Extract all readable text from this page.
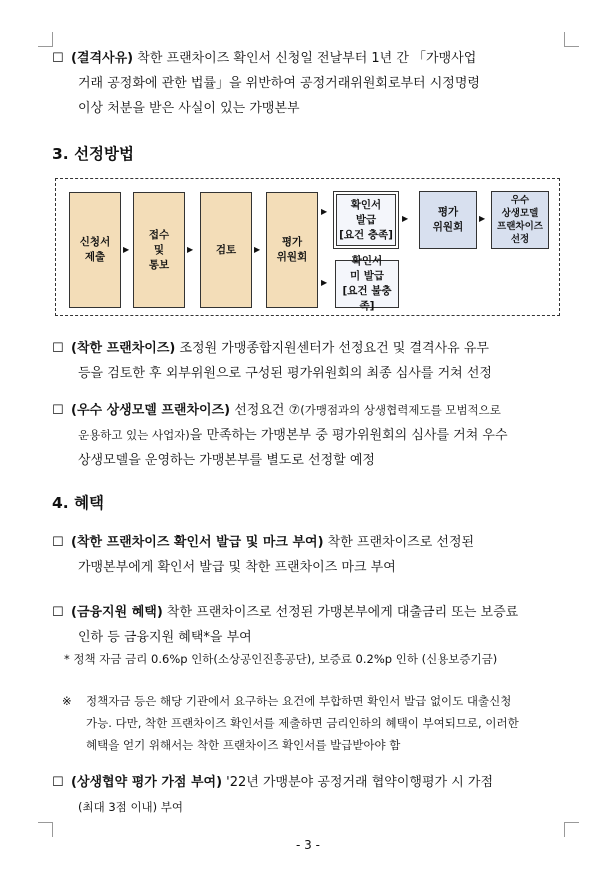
☐ (결격사유) 착한 프랜차이즈 확인서 신청일 전날부터 1년 간 「가맹사업
거래 공정화에 관한 법률」을 위반하여 공정거래위원회로부터 시정명령
이상 처분을 받은 사실이 있는 가맹본부
3. 선정방법
신청서
제출
▶
접수
및
통보
▶ 검토 ▶
평가
위원회
▶
▶
확인서
발급
[요건 충족]
확인서
미 발급
[요건 불충족]
▶
평가
위원회
▶
우수
상생모델
프랜차이즈
선정
☐ (착한 프랜차이즈) 조정원 가맹종합지원센터가 선정요건 및 결격사유 유무
등을 검토한 후 외부위원으로 구성된 평가위원회의 최종 심사를 거쳐 선정
☐ (우수 상생모델 프랜차이즈) 선정요건 ⑦(가맹점과의 상생협력제도를 모범적으로
운용하고 있는 사업자)을 만족하는 가맹본부 중 평가위원회의 심사를 거쳐 우수
상생모델을 운영하는 가맹본부를 별도로 선정할 예정
4. 혜택
☐ (착한 프랜차이즈 확인서 발급 및 마크 부여) 착한 프랜차이즈로 선정된
가맹본부에게 확인서 발급 및 착한 프랜차이즈 마크 부여
☐ (금융지원 혜택) 착한 프랜차이즈로 선정된 가맹본부에게 대출금리 또는 보증료
인하 등 금융지원 혜택*을 부여
* 정책 자금 금리 0.6%p 인하(소상공인진흥공단), 보증료 0.2%p 인하 (신용보증기금)
※ 정책자금 등은 해당 기관에서 요구하는 요건에 부합하면 확인서 발급 없이도 대출신청
가능. 다만, 착한 프랜차이즈 확인서를 제출하면 금리인하의 혜택이 부여되므로, 이러한
혜택을 얻기 위해서는 착한 프랜차이즈 확인서를 발급받아야 함
☐ (상생협약 평가 가점 부여) '22년 가맹분야 공정거래 협약이행평가 시 가점
(최대 3점 이내) 부여
- 3 -
